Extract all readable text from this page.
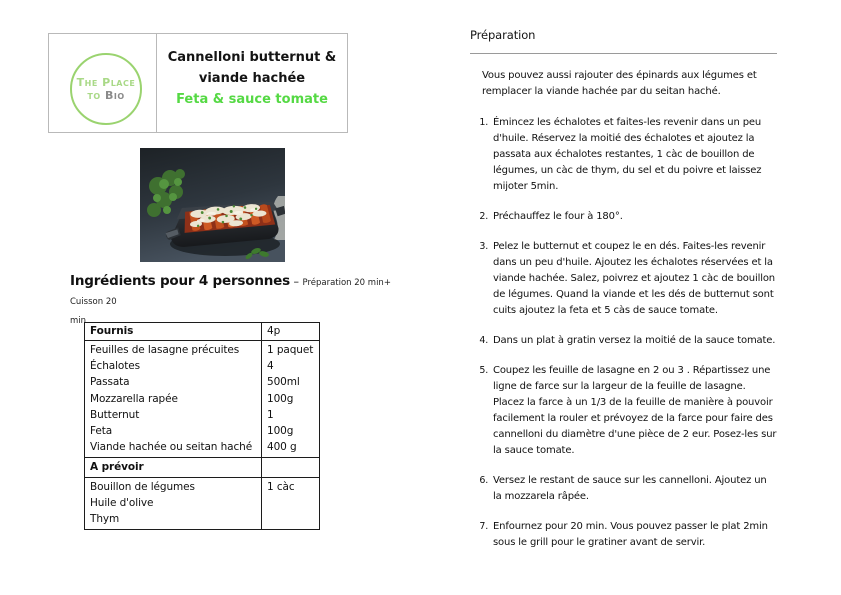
The Place
to Bio
Cannelloni butternut &
viande hachée
Feta & sauce tomate
Ingrédients pour 4 personnes – Préparation 20 min+ Cuisson 20
min
Fournis	4p
Feuilles de lasagne précuites
Échalotes
Passata
Mozzarella rapée
Butternut
Feta
Viande hachée ou seitan haché
1 paquet
4
500ml
100g
1
100g
400 g
A prévoir
Bouillon de légumes
Huile d'olive
Thym
1 càc

Préparation

Vous pouvez aussi rajouter des épinards aux légumes et remplacer la viande hachée par du seitan haché.

1. Émincez les échalotes et faites-les revenir dans un peu d'huile. Réservez la moitié des échalotes et ajoutez la passata aux échalotes restantes, 1 càc de bouillon de légumes, un càc de thym, du sel et du poivre et laissez mijoter 5min.
2. Préchauffez le four à 180°.
3. Pelez le butternut et coupez le en dés. Faites-les revenir dans un peu d'huile. Ajoutez les échalotes réservées et la viande hachée. Salez, poivrez et ajoutez 1 càc de bouillon de légumes. Quand la viande et les dés de butternut sont cuits ajoutez la feta et 5 càs de sauce tomate.
4. Dans un plat à gratin versez la moitié de la sauce tomate.
5. Coupez les feuille de lasagne en 2 ou 3 . Répartissez une ligne de farce sur la largeur de la feuille de lasagne. Placez la farce à un 1/3 de la feuille de manière à pouvoir facilement la rouler et prévoyez de la farce pour faire des cannelloni du diamètre d'une pièce de 2 eur. Posez-les sur la sauce tomate.
6. Versez le restant de sauce sur les cannelloni. Ajoutez un la mozzarela râpée.
7. Enfournez pour 20 min. Vous pouvez passer le plat 2min sous le grill pour le gratiner avant de servir.
